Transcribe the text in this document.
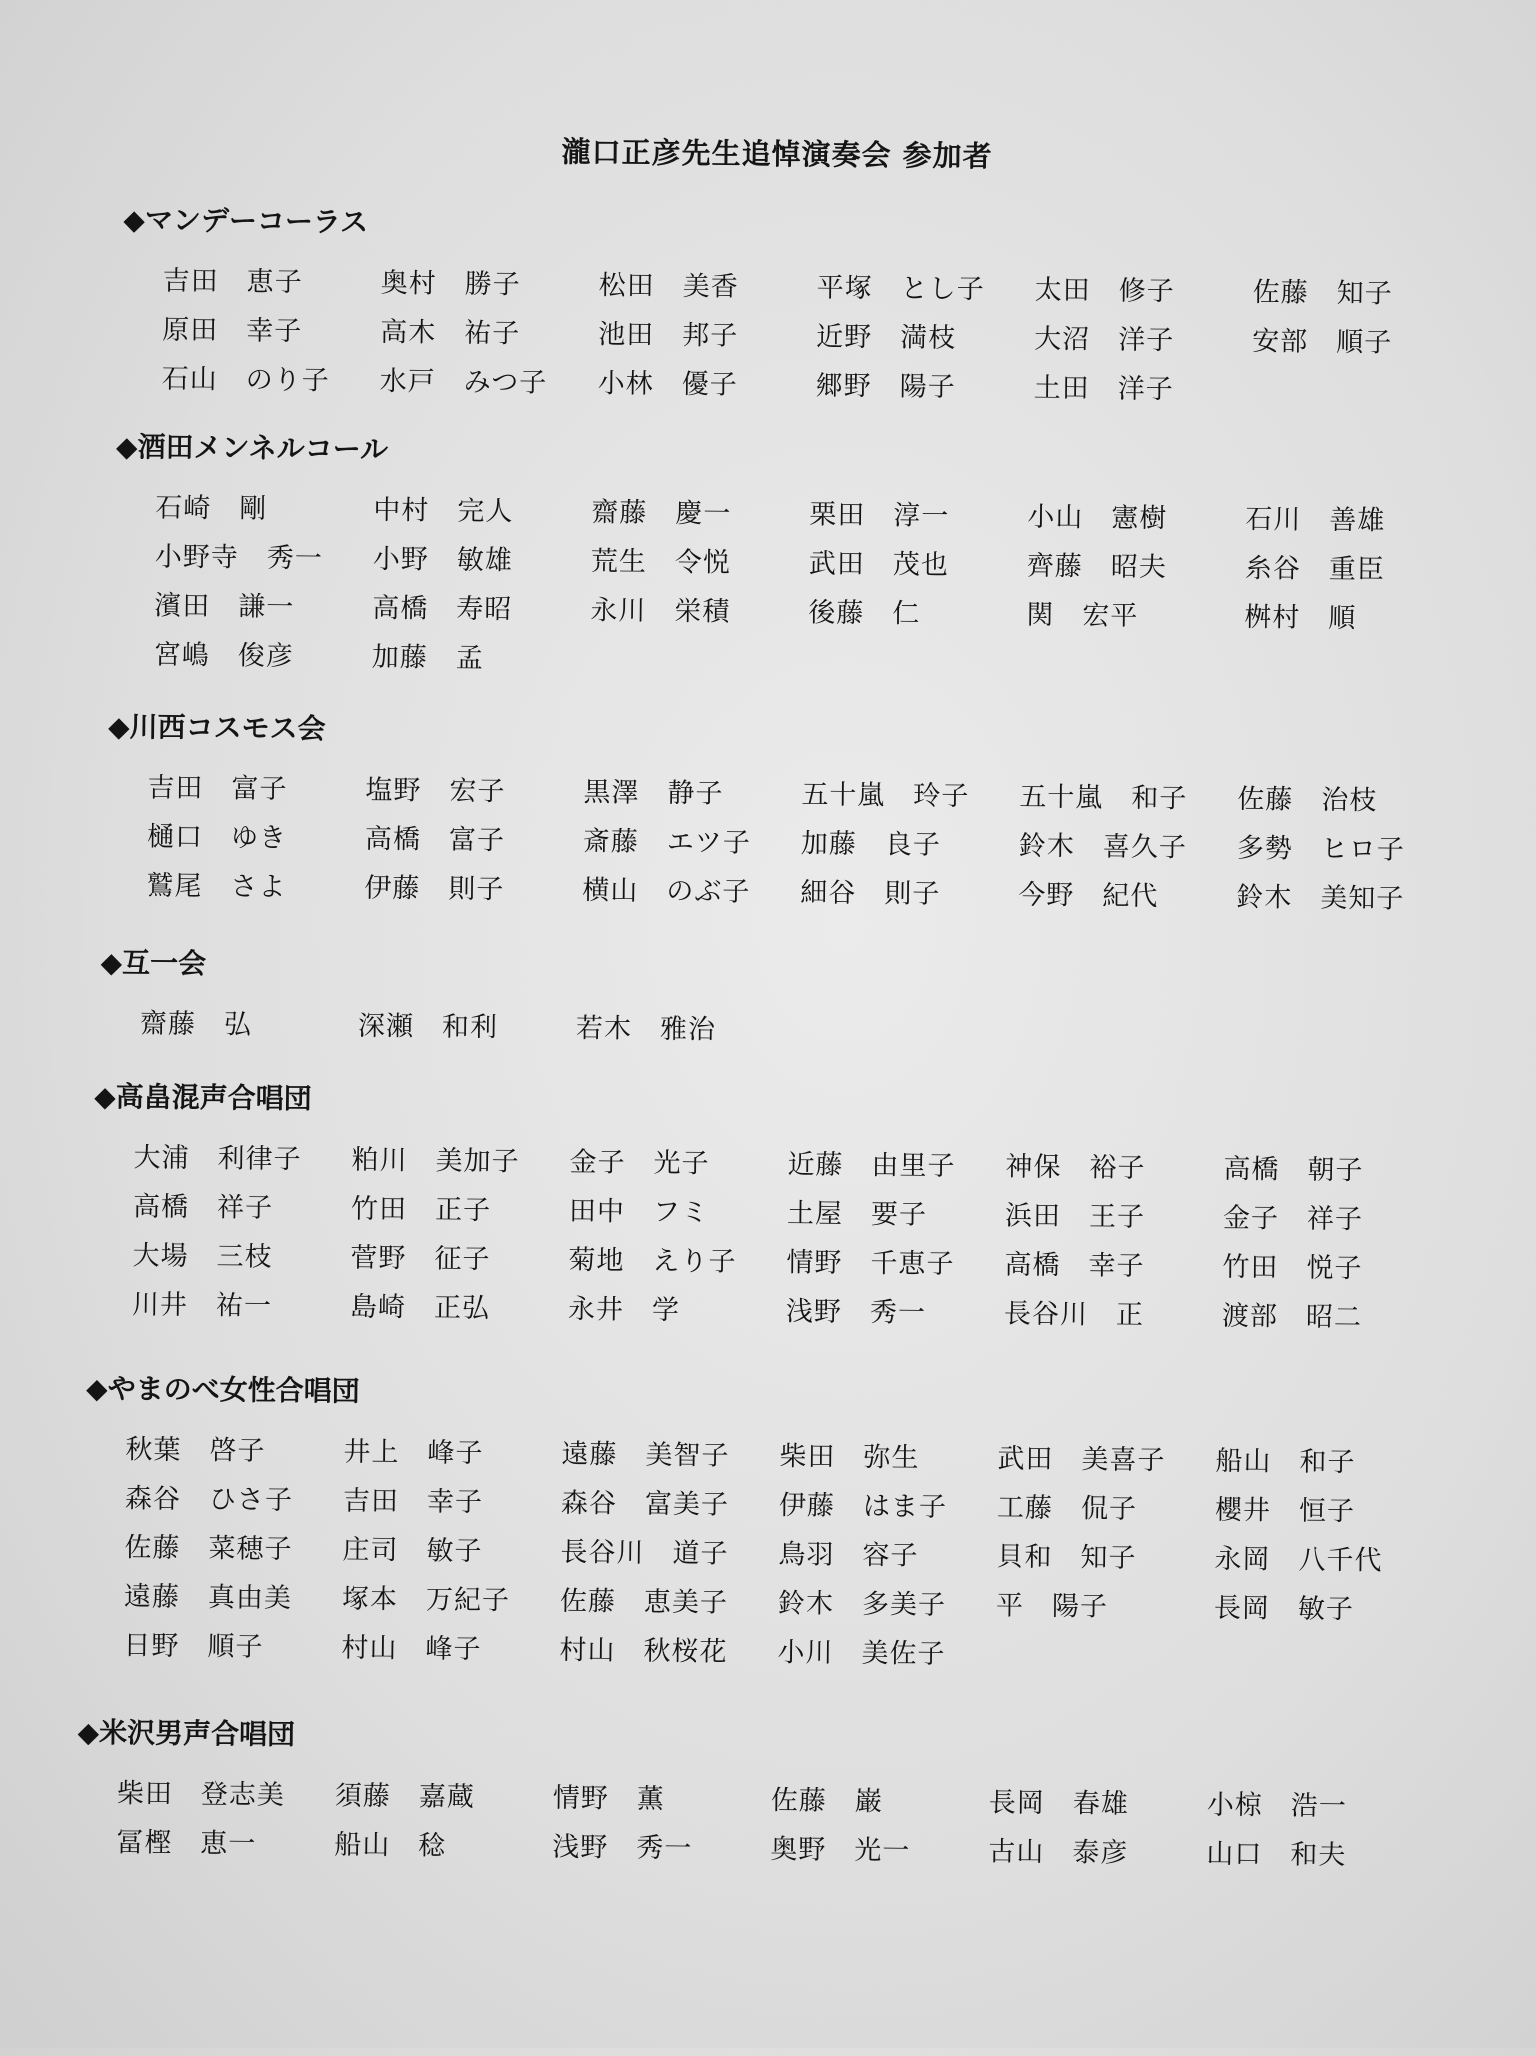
瀧口正彦先生追悼演奏会 参加者
◆マンデーコーラス
吉田　恵子	奥村　勝子	松田　美香	平塚　とし子	太田　修子	佐藤　知子
原田　幸子	高木　祐子	池田　邦子	近野　満枝	大沼　洋子	安部　順子
石山　のり子	水戸　みつ子	小林　優子	郷野　陽子	土田　洋子
◆酒田メンネルコール
石崎　剛	中村　完人	齋藤　慶一	栗田　淳一	小山　憲樹	石川　善雄
小野寺　秀一	小野　敏雄	荒生　令悦	武田　茂也	齊藤　昭夫	糸谷　重臣
濱田　謙一	高橋　寿昭	永川　栄積	後藤　仁	関　宏平	桝村　順
宮嶋　俊彦	加藤　孟
◆川西コスモス会
吉田　富子	塩野　宏子	黒澤　静子	五十嵐　玲子	五十嵐　和子	佐藤　治枝
樋口　ゆき	高橋　富子	斎藤　エツ子	加藤　良子	鈴木　喜久子	多勢　ヒロ子
鷲尾　さよ	伊藤　則子	横山　のぶ子	細谷　則子	今野　紀代	鈴木　美知子
◆互一会
齋藤　弘	深瀬　和利	若木　雅治
◆高畠混声合唱団
大浦　利律子	粕川　美加子	金子　光子	近藤　由里子	神保　裕子	高橋　朝子
高橋　祥子	竹田　正子	田中　フミ	土屋　要子	浜田　王子	金子　祥子
大場　三枝	菅野　征子	菊地　えり子	情野　千恵子	高橋　幸子	竹田　悦子
川井　祐一	島崎　正弘	永井　学	浅野　秀一	長谷川　正	渡部　昭二
◆やまのべ女性合唱団
秋葉　啓子	井上　峰子	遠藤　美智子	柴田　弥生	武田　美喜子	船山　和子
森谷　ひさ子	吉田　幸子	森谷　富美子	伊藤　はま子	工藤　侃子	櫻井　恒子
佐藤　菜穂子	庄司　敏子	長谷川　道子	鳥羽　容子	貝和　知子	永岡　八千代
遠藤　真由美	塚本　万紀子	佐藤　恵美子	鈴木　多美子	平　陽子	長岡　敏子
日野　順子	村山　峰子	村山　秋桜花	小川　美佐子
◆米沢男声合唱団
柴田　登志美	須藤　嘉蔵	情野　薫	佐藤　巌	長岡　春雄	小椋　浩一
冨樫　恵一	船山　稔	浅野　秀一	奥野　光一	古山　泰彦	山口　和夫
